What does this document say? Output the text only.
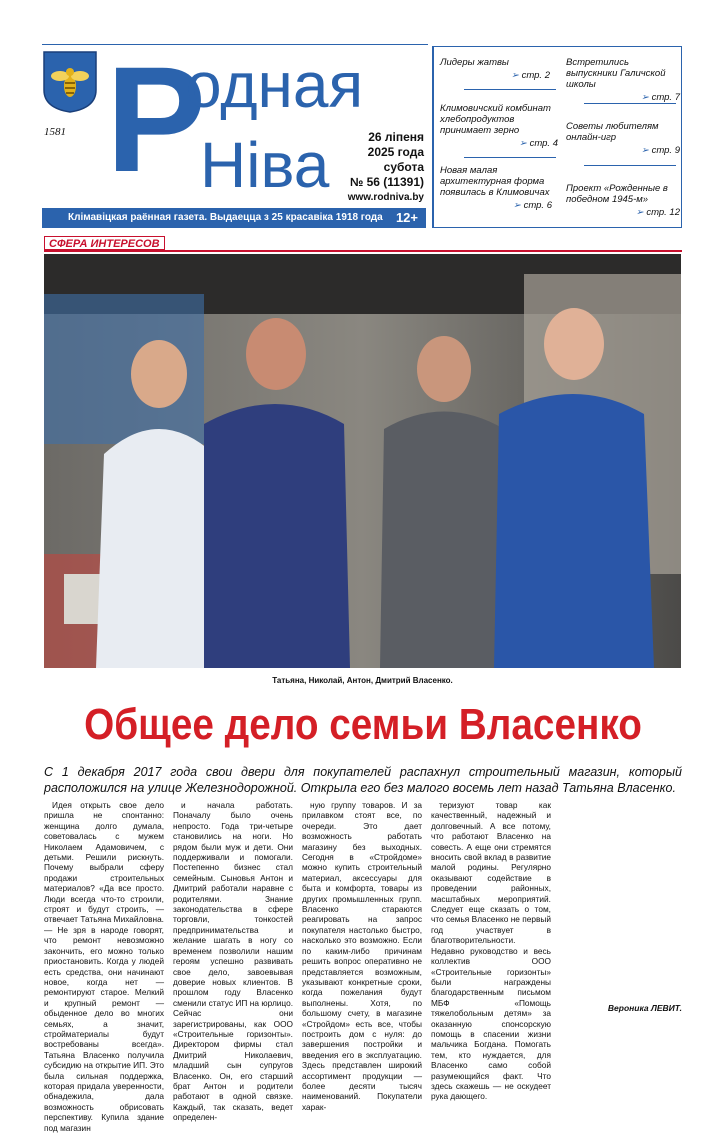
1581 Р
одная
Ніва	26 ліпеня
2025 года
субота
№ 56 (11391)
www.rodniva.by
Клімавіцкая раённая газета. Выдаецца з 25 красавіка 1918 года 12+
Лидеры жатвы
➢ стр. 2
Климовичский комбинат хлебопродуктов принимает зерно
➢ стр. 4
Новая малая архитектурная форма появилась в Климовичах
➢ стр. 6
Встретились выпускники Галичской школы
➢ стр. 7
Советы любителям онлайн-игр
➢ стр. 9
Проект «Рожденные в победном 1945-м»
➢ стр. 12
СФЕРА ИНТЕРЕСОВ
Татьяна, Николай, Антон, Дмитрий Власенко.
Общее дело семьи Власенко
С 1 декабря 2017 года свои двери для покупателей распахнул строительный магазин, который расположился на улице Железнодорожной. Открыла его без малого восемь лет назад Татьяна Власенко.

Идея открыть свое дело пришла не спонтанно: женщина долго думала, советовалась с мужем Николаем Адамовичем, с детьми. Решили рискнуть. Почему выбрали сферу продажи строительных материалов? «Да все просто. Люди всегда что-то строили, строят и будут строить, — отвечает Татьяна Михайловна. — Не зря в народе говорят, что ремонт невозможно закончить, его можно только приостановить. Когда у людей есть средства, они начинают новое, когда нет — ремонтируют старое. Мелкий и крупный ремонт — обыденное дело во многих семьях, а значит, стройматериалы будут востребованы всегда». Татьяна Власенко получила субсидию на открытие ИП. Это была сильная поддержка, которая придала уверенности, обнадежила, дала возможность обрисовать перспективу. Купила здание под магазин

и начала работать. Поначалу было очень непросто. Года три-четыре становились на ноги. Но рядом были муж и дети. Они поддерживали и помогали. Постепенно бизнес стал семейным. Сыновья Антон и Дмитрий работали наравне с родителями. Знание законодательства в сфере торговли, тонкостей предпринимательства и желание шагать в ногу со временем позволили нашим героям успешно развивать свое дело, завоевывая доверие новых клиентов. В прошлом году Власенко сменили статус ИП на юрлицо. Сейчас они зарегистрированы, как ООО «Строительные горизонты». Директором фирмы стал Дмитрий Николаевич, младший сын супругов Власенко. Он, его старший брат Антон и родители работают в одной связке. Каждый, так сказать, ведет определен-

ную группу товаров. И за прилавком стоят все, по очереди. Это дает возможность работать магазину без выходных. Сегодня в «Стройдоме» можно купить строительный материал, аксессуары для быта и комфорта, товары из других промышленных групп. Власенко стараются реагировать на запрос покупателя настолько быстро, насколько это возможно. Если по каким-либо причинам решить вопрос оперативно не представляется возможным, указывают конкретные сроки, когда пожелания будут выполнены. Хотя, по большому счету, в магазине «Стройдом» есть все, чтобы построить дом с нуля: до завершения постройки и введения его в эксплуатацию. Здесь представлен широкий ассортимент продукции — более десяти тысяч наименований. Покупатели харак-

теризуют товар как качественный, надежный и долговечный. А все потому, что работают Власенко на совесть. А еще они стремятся вносить свой вклад в развитие малой родины. Регулярно оказывают содействие в проведении районных, масштабных мероприятий. Следует еще сказать о том, что семья Власенко не первый год участвует в благотворительности. Недавно руководство и весь коллектив ООО «Строительные горизонты» были награждены благодарственным письмом МБФ «Помощь тяжелобольным детям» за оказанную спонсорскую помощь в спасении жизни мальчика Богдана. Помогать тем, кто нуждается, для Власенко само собой разумеющийся факт. Что здесь скажешь — не оскудеет рука дающего.

Вероника ЛЕВИТ.
